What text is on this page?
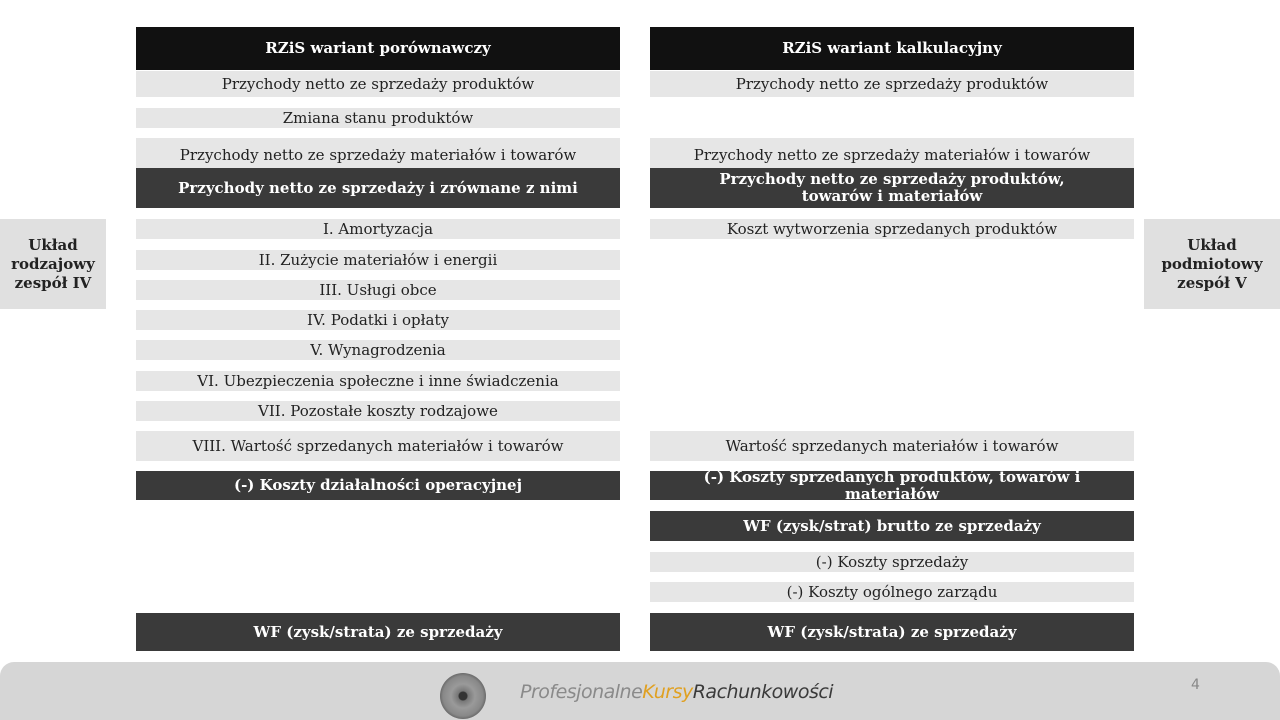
RZiS wariant porównawczy
Przychody netto ze sprzedaży produktów
Zmiana stanu produktów
Przychody netto ze sprzedaży materiałów i towarów
Przychody netto ze sprzedaży i zrównane z nimi
I. Amortyzacja
II. Zużycie materiałów i energii
III. Usługi obce
IV. Podatki i opłaty
V. Wynagrodzenia
VI. Ubezpieczenia społeczne i inne świadczenia
VII. Pozostałe koszty rodzajowe
VIII. Wartość sprzedanych materiałów i towarów
(-) Koszty działalności operacyjnej
WF (zysk/strata) ze sprzedaży
RZiS wariant kalkulacyjny
Przychody netto ze sprzedaży produktów
Przychody netto ze sprzedaży materiałów i towarów
Przychody netto ze sprzedaży produktów, towarów i materiałów
Koszt wytworzenia sprzedanych produktów
Wartość sprzedanych materiałów i towarów
(-) Koszty sprzedanych produktów, towarów i materiałów
WF (zysk/strat) brutto ze sprzedaży
(-) Koszty sprzedaży
(-) Koszty ogólnego zarządu
WF (zysk/strata) ze sprzedaży
Układ
rodzajowy
zespół IV
Układ
podmiotowy
zespół V
ProfesjonalneKursyRachunkowości	4
